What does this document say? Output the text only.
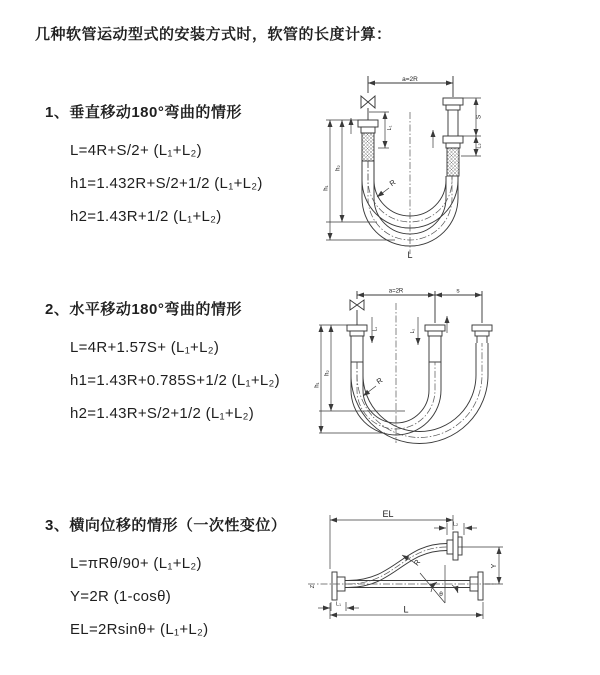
几种软管运动型式的安装方式时，软管的长度计算：
1、垂直移动180°弯曲的情形
L=4R+S/2+ (L₁+L₂)
h1=1.432R+S/2+1/2 (L₁+L₂)
h2=1.43R+1/2 (L₁+L₂)
a=2R
L₁
S
L₂
h₁
h₂
R
L
2、水平移动180°弯曲的情形
L=4R+1.57S+ (L₁+L₂)
h1=1.43R+0.785S+1/2 (L₁+L₂)
h2=1.43R+S/2+1/2 (L₁+L₂)
a=2R	s
h₁
h₂
L₁	L₂
R
3、横向位移的情形（一次性变位）
L=πRθ/90+ (L₁+L₂)
Y=2R (1-cosθ)
EL=2Rsinθ+ (L₁+L₂)
EL
L₂
L₁
R
θ
Y
L
Z
